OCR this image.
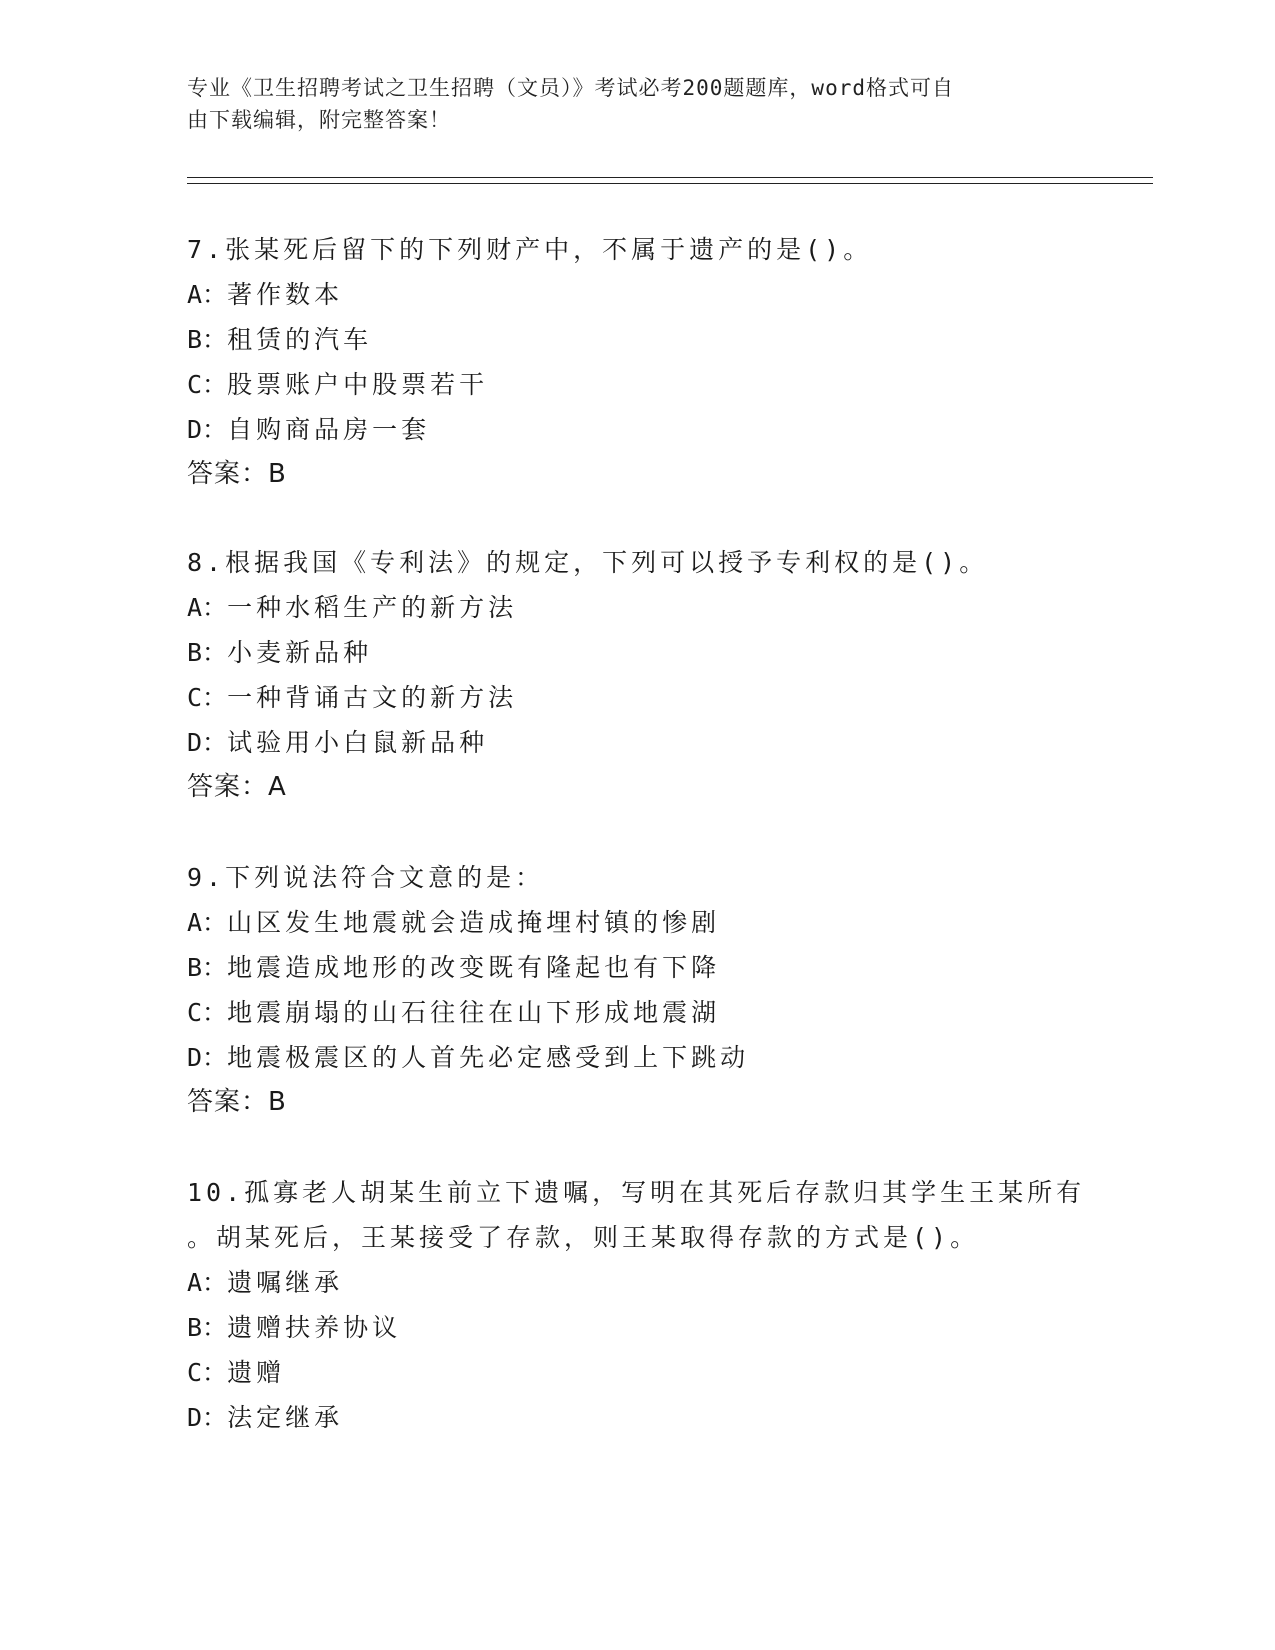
专业《卫生招聘考试之卫生招聘（文员）》考试必考200题题库，word格式可自
由下载编辑，附完整答案！
7.张某死后留下的下列财产中，不属于遗产的是()。
A：著作数本
B：租赁的汽车
C：股票账户中股票若干
D：自购商品房一套
答案：B
8.根据我国《专利法》的规定，下列可以授予专利权的是()。
A：一种水稻生产的新方法
B：小麦新品种
C：一种背诵古文的新方法
D：试验用小白鼠新品种
答案：A
9.下列说法符合文意的是：
A：山区发生地震就会造成掩埋村镇的惨剧
B：地震造成地形的改变既有隆起也有下降
C：地震崩塌的山石往往在山下形成地震湖
D：地震极震区的人首先必定感受到上下跳动
答案：B
10.孤寡老人胡某生前立下遗嘱，写明在其死后存款归其学生王某所有
。胡某死后，王某接受了存款，则王某取得存款的方式是()。
A：遗嘱继承
B：遗赠扶养协议
C：遗赠
D：法定继承
